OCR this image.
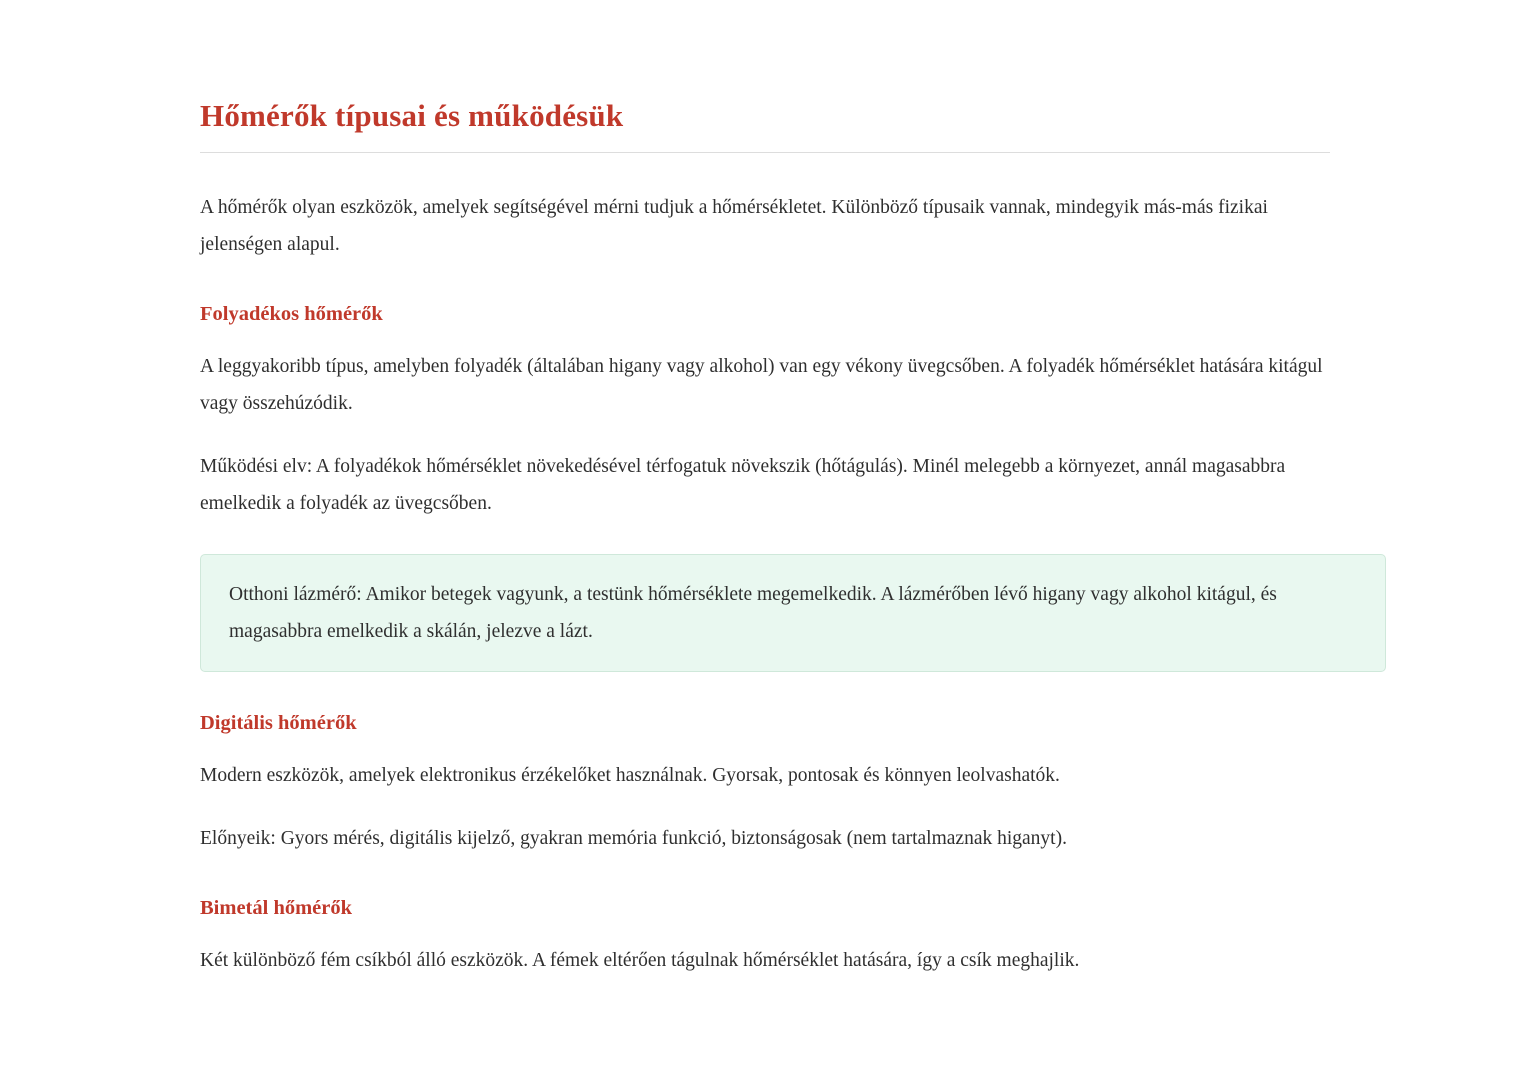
Hőmérők típusai és működésük

A hőmérők olyan eszközök, amelyek segítségével mérni tudjuk a hőmérsékletet. Különböző típusaik vannak, mindegyik más-más fizikai jelenségen alapul.

Folyadékos hőmérők

A leggyakoribb típus, amelyben folyadék (általában higany vagy alkohol) van egy vékony üvegcsőben. A folyadék hőmérséklet hatására kitágul vagy összehúzódik.

Működési elv: A folyadékok hőmérséklet növekedésével térfogatuk növekszik (hőtágulás). Minél melegebb a környezet, annál magasabbra emelkedik a folyadék az üvegcsőben.

Otthoni lázmérő: Amikor betegek vagyunk, a testünk hőmérséklete megemelkedik. A lázmérőben lévő higany vagy alkohol kitágul, és magasabbra emelkedik a skálán, jelezve a lázt.

Digitális hőmérők

Modern eszközök, amelyek elektronikus érzékelőket használnak. Gyorsak, pontosak és könnyen leolvashatók.

Előnyeik: Gyors mérés, digitális kijelző, gyakran memória funkció, biztonságosak (nem tartalmaznak higanyt).

Bimetál hőmérők

Két különböző fém csíkból álló eszközök. A fémek eltérően tágulnak hőmérséklet hatására, így a csík meghajlik.
